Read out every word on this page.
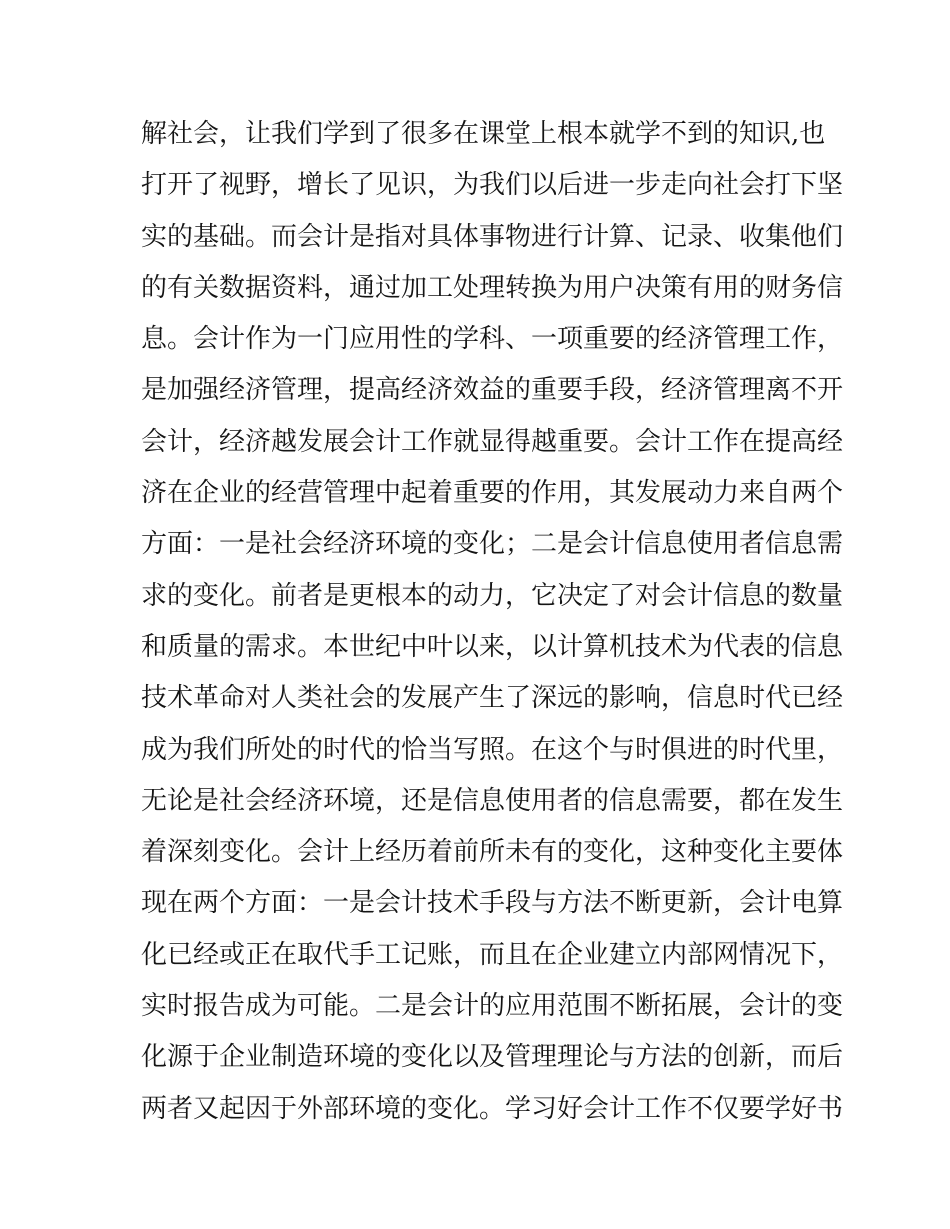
解社会，让我们学到了很多在课堂上根本就学不到的知识,也
打开了视野，增长了见识，为我们以后进一步走向社会打下坚
实的基础。而会计是指对具体事物进行计算、记录、收集他们
的有关数据资料，通过加工处理转换为用户决策有用的财务信
息。会计作为一门应用性的学科、一项重要的经济管理工作，
是加强经济管理，提高经济效益的重要手段，经济管理离不开
会计，经济越发展会计工作就显得越重要。会计工作在提高经
济在企业的经营管理中起着重要的作用，其发展动力来自两个
方面：一是社会经济环境的变化；二是会计信息使用者信息需
求的变化。前者是更根本的动力，它决定了对会计信息的数量
和质量的需求。本世纪中叶以来，以计算机技术为代表的信息
技术革命对人类社会的发展产生了深远的影响，信息时代已经
成为我们所处的时代的恰当写照。在这个与时俱进的时代里，
无论是社会经济环境，还是信息使用者的信息需要，都在发生
着深刻变化。会计上经历着前所未有的变化，这种变化主要体
现在两个方面：一是会计技术手段与方法不断更新，会计电算
化已经或正在取代手工记账，而且在企业建立内部网情况下，
实时报告成为可能。二是会计的应用范围不断拓展，会计的变
化源于企业制造环境的变化以及管理理论与方法的创新，而后
两者又起因于外部环境的变化。学习好会计工作不仅要学好书
